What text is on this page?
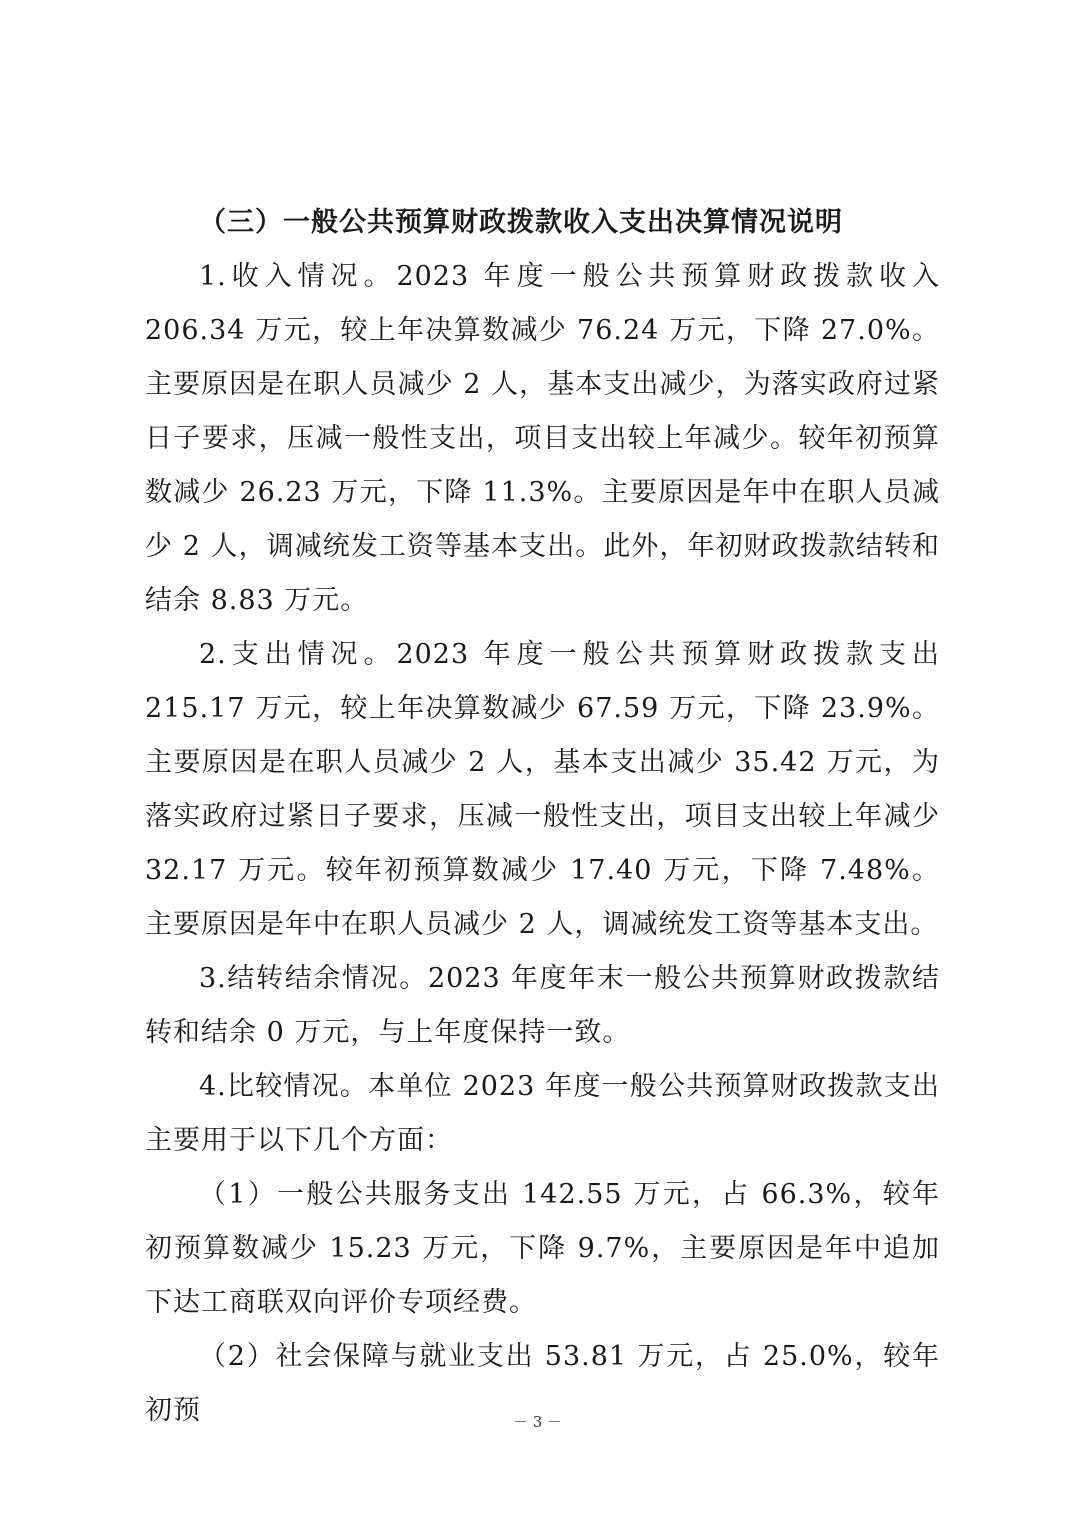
（三）一般公共预算财政拨款收入支出决算情况说明

1.收入情况。2023 年度一般公共预算财政拨款收入 206.34 万元，较上年决算数减少 76.24 万元，下降 27.0%。主要原因是在职人员减少 2 人，基本支出减少，为落实政府过紧日子要求，压减一般性支出，项目支出较上年减少。较年初预算数减少 26.23 万元，下降 11.3%。主要原因是年中在职人员减少 2 人，调减统发工资等基本支出。此外，年初财政拨款结转和结余 8.83 万元。

2.支出情况。2023 年度一般公共预算财政拨款支出 215.17 万元，较上年决算数减少 67.59 万元，下降 23.9%。主要原因是在职人员减少 2 人，基本支出减少 35.42 万元，为落实政府过紧日子要求，压减一般性支出，项目支出较上年减少 32.17 万元。较年初预算数减少 17.40 万元，下降 7.48%。主要原因是年中在职人员减少 2 人，调减统发工资等基本支出。

3.结转结余情况。2023 年度年末一般公共预算财政拨款结转和结余 0 万元，与上年度保持一致。

4.比较情况。本单位 2023 年度一般公共预算财政拨款支出主要用于以下几个方面：

（1）一般公共服务支出 142.55 万元，占 66.3%，较年初预算数减少 15.23 万元，下降 9.7%，主要原因是年中追加下达工商联双向评价专项经费。

（2）社会保障与就业支出 53.81 万元，占 25.0%，较年初预	－ 3 －
